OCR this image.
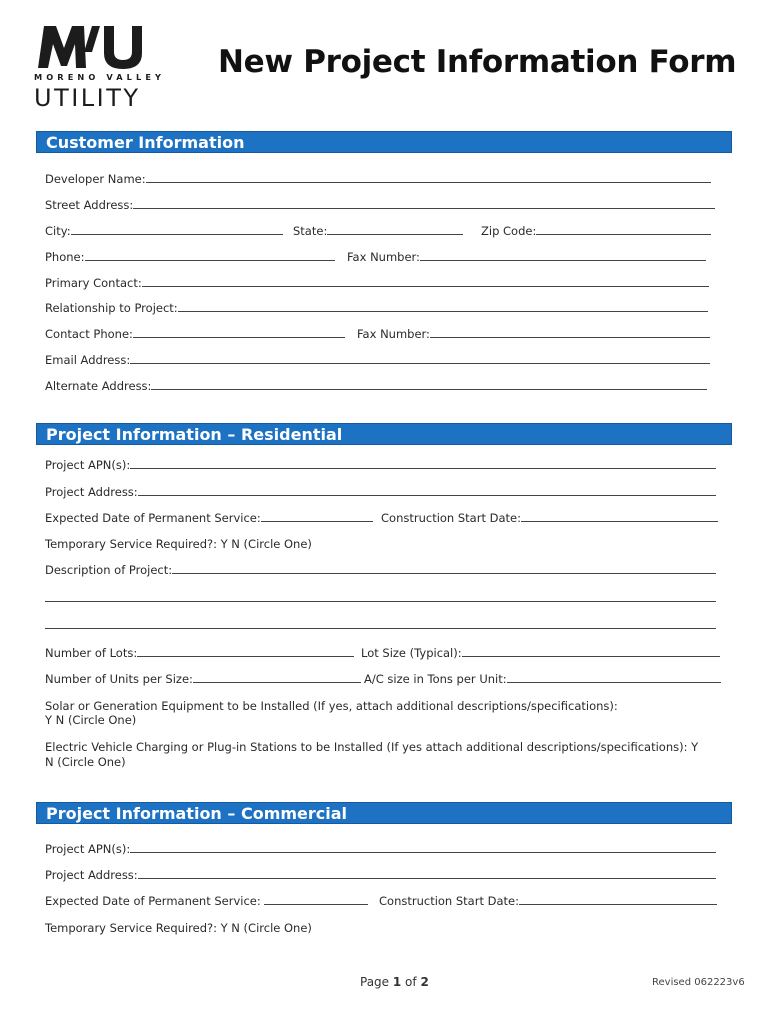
MORENO VALLEY
UTILITY
New Project Information Form
Customer Information
Developer Name:
Street Address:
City:	State:	Zip Code:
Phone:	Fax Number:
Primary Contact:
Relationship to Project:
Contact Phone:	Fax Number:
Email Address:
Alternate Address:
Project Information – Residential
Project APN(s):
Project Address:
Expected Date of Permanent Service:	Construction Start Date:
Temporary Service Required?: Y N (Circle One)
Description of Project:
Number of Lots:	Lot Size (Typical):
Number of Units per Size:	A/C size in Tons per Unit:
Solar or Generation Equipment to be Installed (If yes, attach additional descriptions/specifications):
Y N (Circle One)
Electric Vehicle Charging or Plug-in Stations to be Installed (If yes attach additional descriptions/specifications): Y
N (Circle One)
Project Information – Commercial
Project APN(s):
Project Address:
Expected Date of Permanent Service:	Construction Start Date:
Temporary Service Required?: Y N (Circle One)
Page 1 of 2	Revised 062223v6
